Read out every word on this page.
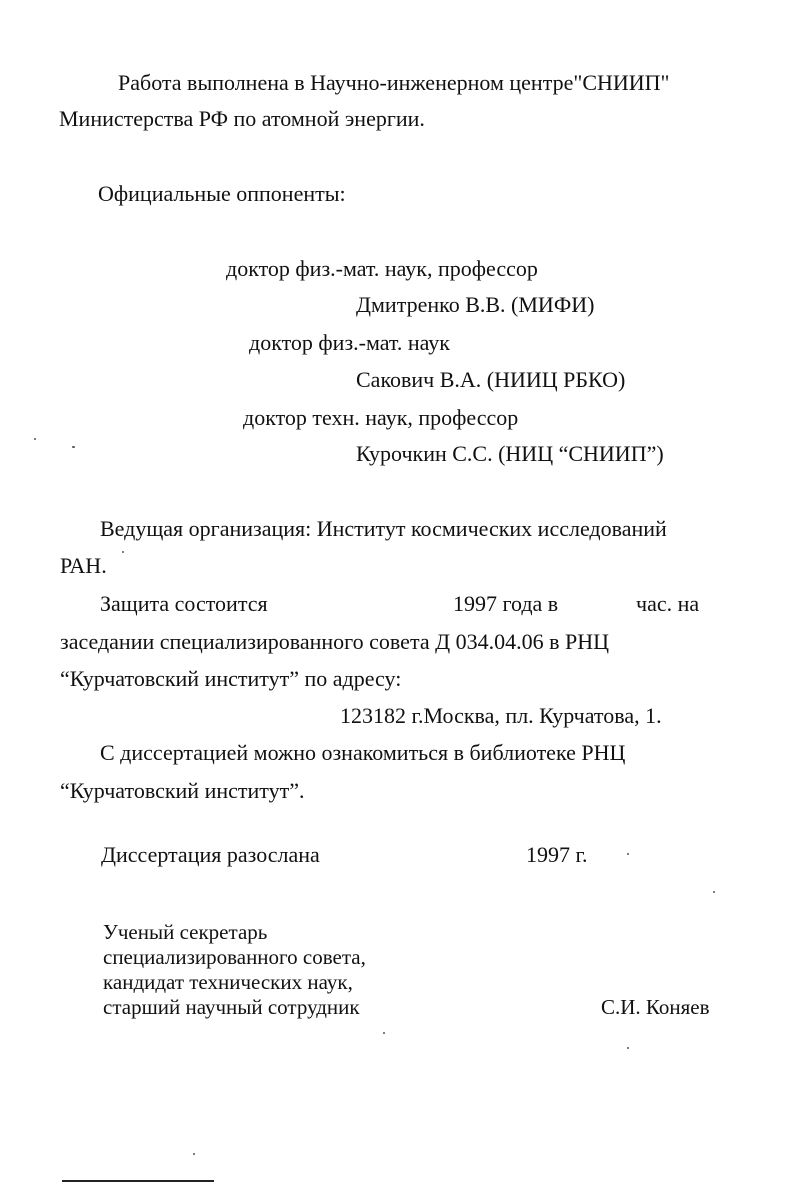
Работа выполнена в Научно-инженерном центре"СНИИП"
Министерства РФ по атомной энергии.
Официальные оппоненты:
доктор физ.-мат. наук, профессор
Дмитренко В.В. (МИФИ)
доктор физ.-мат. наук
Сакович В.А. (НИИЦ РБКО)
доктор техн. наук, профессор
Курочкин С.С. (НИЦ “СНИИП”)
Ведущая организация: Институт космических исследований
РАН.
Защита состоится	1997 года в	час. на
заседании специализированного совета Д 034.04.06 в РНЦ
“Курчатовский институт” по адресу:
123182 г.Москва, пл. Курчатова, 1.
С диссертацией можно ознакомиться в библиотеке РНЦ
“Курчатовский институт”.
Диссертация разослана	1997 г.
Ученый секретарь
специализированного совета,
кандидат технических наук,
старший научный сотрудник	С.И. Коняев
